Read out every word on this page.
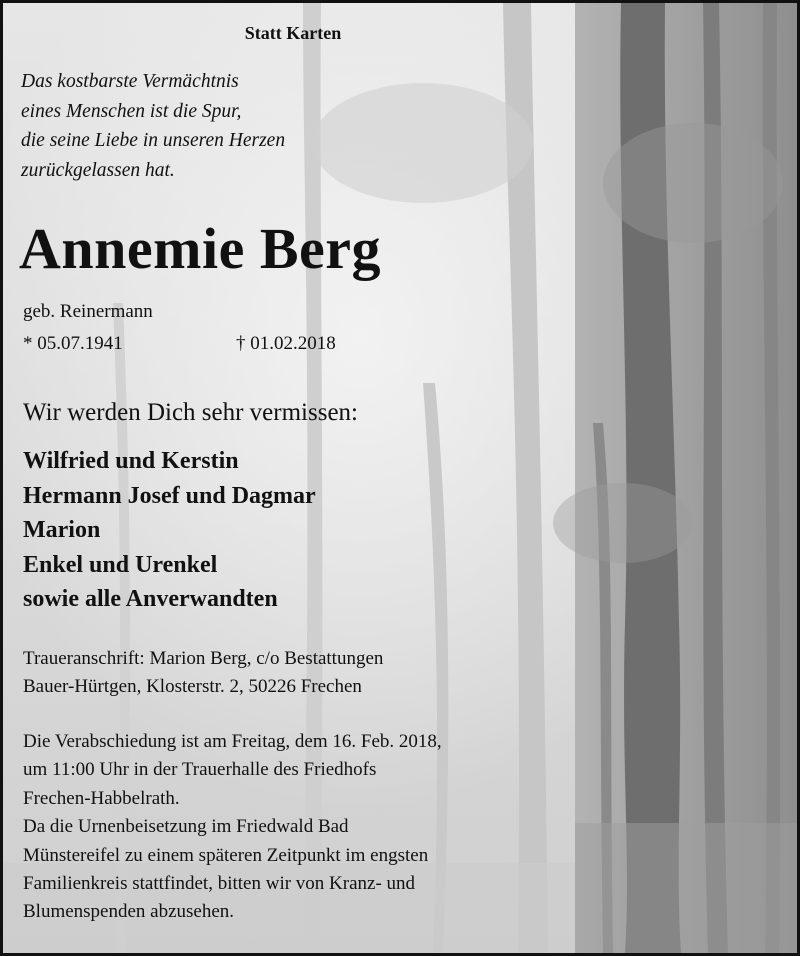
Statt Karten
Das kostbarste Vermächtnis
eines Menschen ist die Spur,
die seine Liebe in unseren Herzen
zurückgelassen hat.
Annemie Berg
geb. Reinermann
* 05.07.1941	† 01.02.2018
Wir werden Dich sehr vermissen:
Wilfried und Kerstin
Hermann Josef und Dagmar
Marion
Enkel und Urenkel
sowie alle Anverwandten
Traueranschrift: Marion Berg, c/o Bestattungen
Bauer-Hürtgen, Klosterstr. 2, 50226 Frechen
Die Verabschiedung ist am Freitag, dem 16. Feb. 2018,
um 11:00 Uhr in der Trauerhalle des Friedhofs
Frechen-Habbelrath.
Da die Urnenbeisetzung im Friedwald Bad
Münstereifel zu einem späteren Zeitpunkt im engsten
Familienkreis stattfindet, bitten wir von Kranz- und
Blumenspenden abzusehen.
